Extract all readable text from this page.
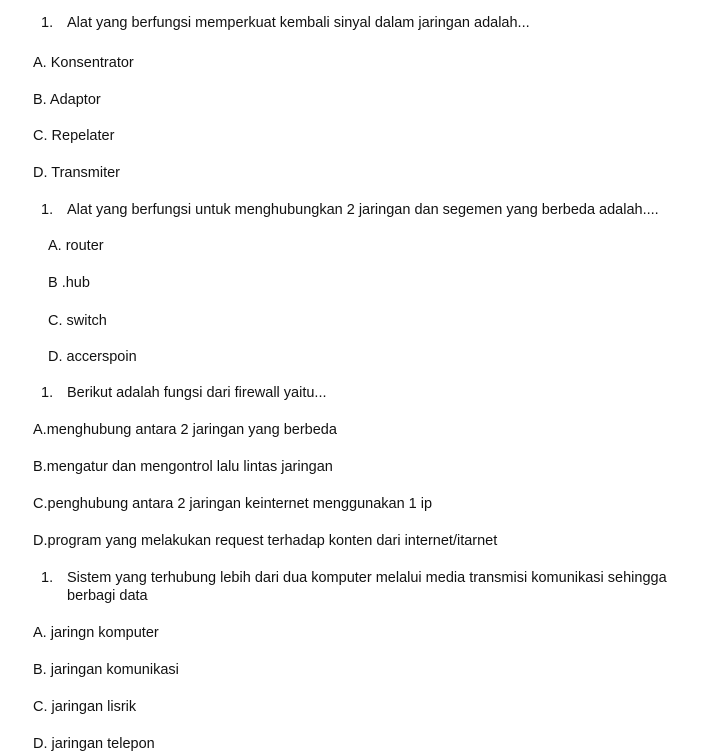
1. Alat yang berfungsi memperkuat kembali sinyal dalam jaringan adalah...
A. Konsentrator
B. Adaptor
C. Repelater
D. Transmiter
1. Alat yang berfungsi untuk menghubungkan 2 jaringan dan segemen yang berbeda adalah....
A. router
B .hub
C. switch
D. accerspoin
1. Berikut adalah fungsi dari firewall yaitu...
A.menghubung antara 2 jaringan yang berbeda
B.mengatur dan mengontrol lalu lintas jaringan
C.penghubung antara 2 jaringan keinternet menggunakan 1 ip
D.program yang melakukan request terhadap konten dari internet/itarnet
1. Sistem yang terhubung lebih dari dua komputer melalui media transmisi komunikasi sehingga
berbagi data
A. jaringn komputer
B. jaringan komunikasi
C. jaringan lisrik
D. jaringan telepon
